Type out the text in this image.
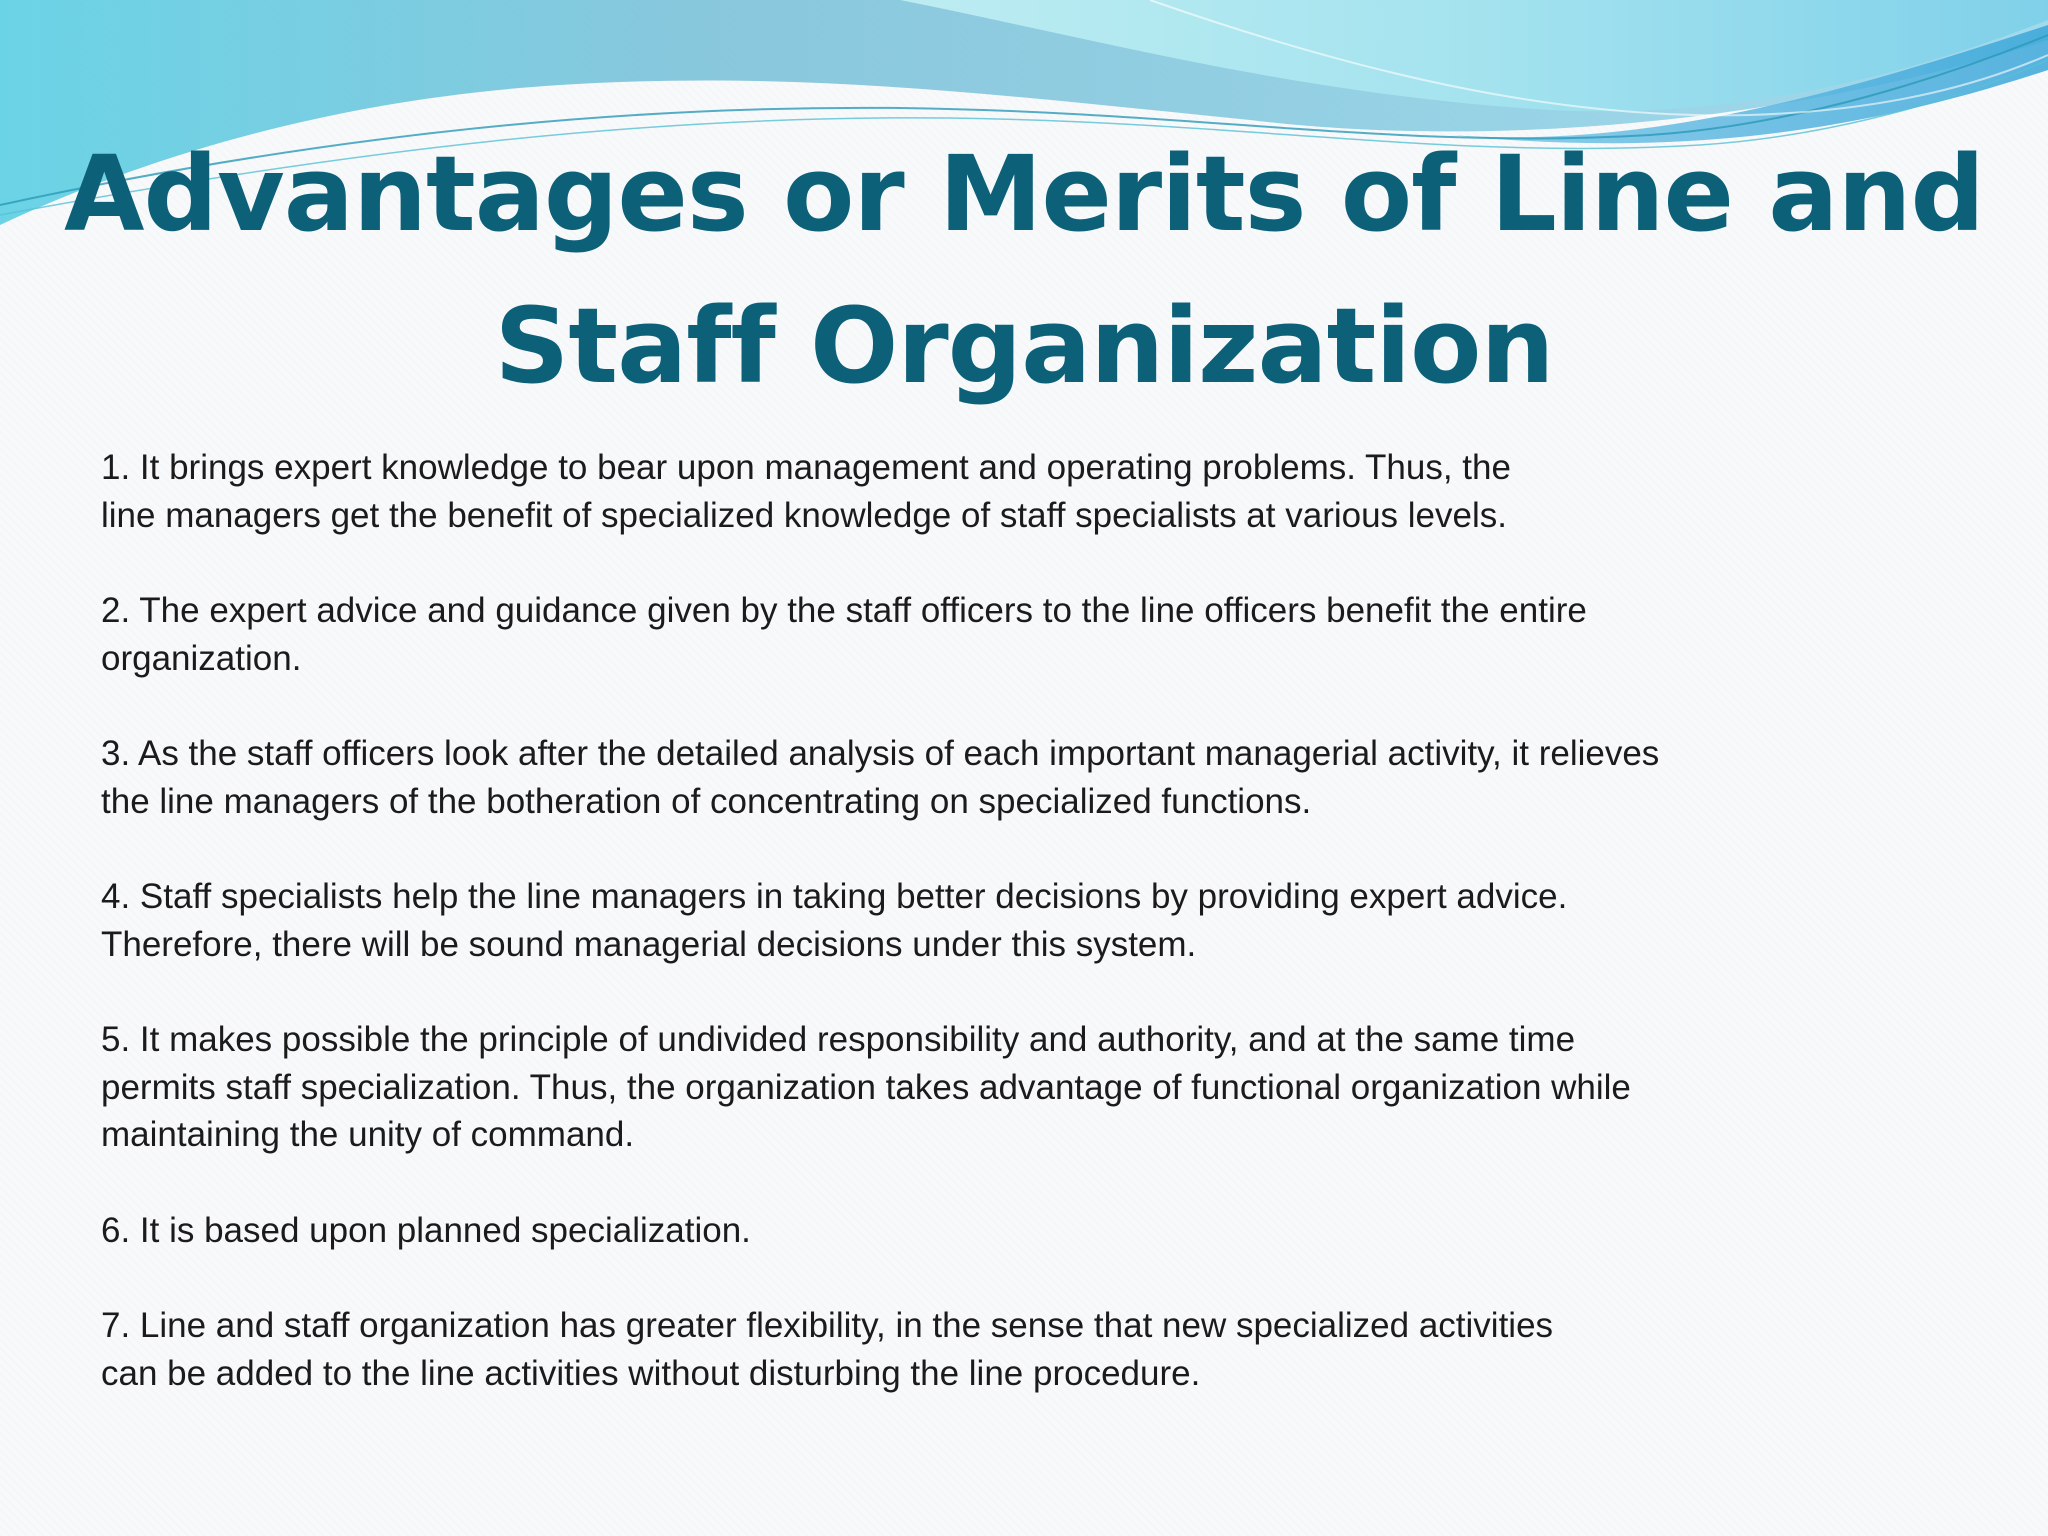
Advantages or Merits of Line and
Staff Organization

1. It brings expert knowledge to bear upon management and operating problems. Thus, the
line managers get the benefit of specialized knowledge of staff specialists at various levels.

2. The expert advice and guidance given by the staff officers to the line officers benefit the entire
organization.

3. As the staff officers look after the detailed analysis of each important managerial activity, it relieves
the line managers of the botheration of concentrating on specialized functions.

4. Staff specialists help the line managers in taking better decisions by providing expert advice.
Therefore, there will be sound managerial decisions under this system.

5. It makes possible the principle of undivided responsibility and authority, and at the same time
permits staff specialization. Thus, the organization takes advantage of functional organization while
maintaining the unity of command.

6. It is based upon planned specialization.

7. Line and staff organization has greater flexibility, in the sense that new specialized activities
can be added to the line activities without disturbing the line procedure.
